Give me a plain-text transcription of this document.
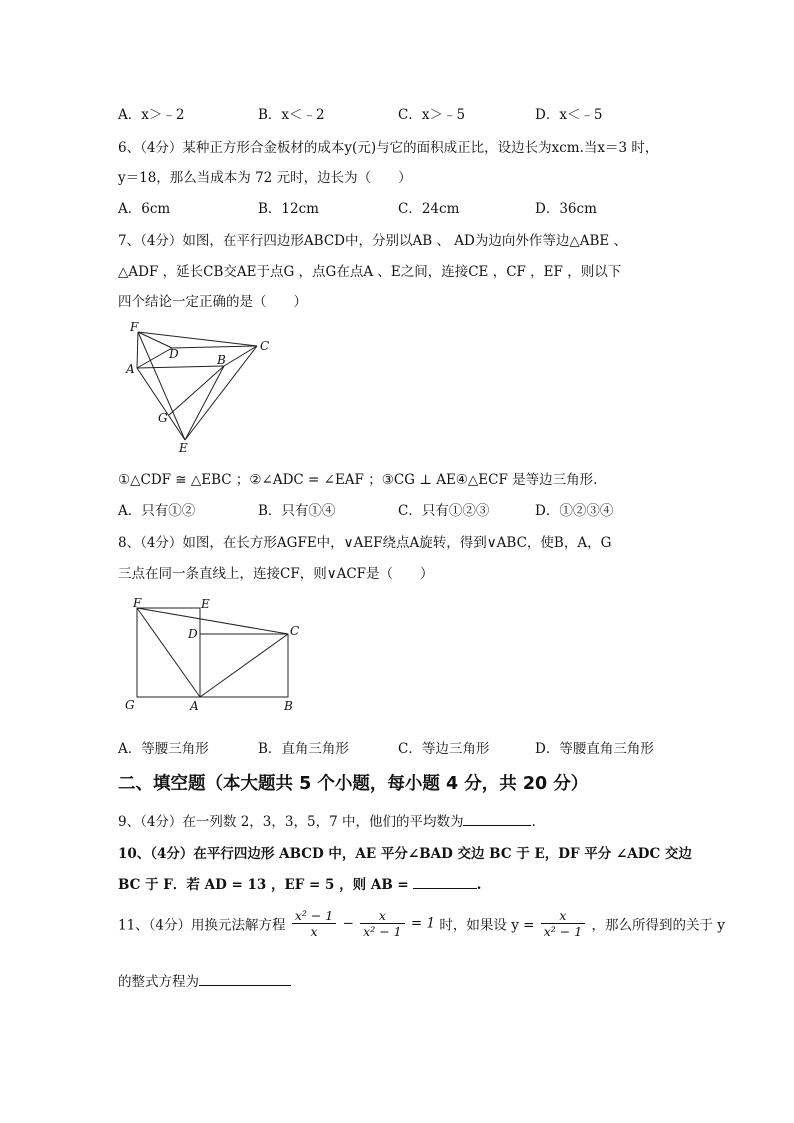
A．x＞﹣2	B．x＜﹣2	C．x＞﹣5	D．x＜﹣5
6、（4分）某种正方形合金板材的成本y(元)与它的面积成正比，设边长为xcm.当x＝3 时，
y＝18，那么当成本为 72 元时，边长为（　　）
A．6cm	B．12cm	C．24cm	D．36cm
7、（4分）如图，在平行四边形ABCD中，分别以AB 、 AD为边向外作等边△ABE 、
△ADF ，延长CB交AE于点G ，点G在点A 、E之间，连接CE ，CF ，EF ，则以下
四个结论一定正确的是（　　）
F
D	B
C
A
G
E
①△CDF ≅ △EBC ；②∠ADC = ∠EAF ；③CG ⊥ AE④△ECF 是等边三角形.
A．只有①②	B．只有①④	C．只有①②③	D．①②③④
8、（4分）如图，在长方形AGFE中，∨AEF绕点A旋转，得到∨ABC，使B，A，G
三点在同一条直线上，连接CF，则∨ACF是（　　）
F	E
D	C
G	A	B
A．等腰三角形	B．直角三角形	C．等边三角形	D．等腰直角三角形
二、填空题（本大题共 5 个小题，每小题 4 分，共 20 分）
9、（4分）在一列数 2，3，3，5，7 中，他们的平均数为	.
10、（4分）在平行四边形 ABCD 中，AE 平分∠BAD 交边 BC 于 E，DF 平分 ∠ADC 交边
BC 于 F．若 AD = 13 ，EF = 5 ，则 AB =	.
11、（4分）用换元法解方程 $\frac{\text{x² − 1}}{x} - \frac{x}{\text{x² − 1}} = 1$ 时，如果设 $y = \frac{x}{\text{x² − 1}}$ ，那么所得到的关于 y
的整式方程为
